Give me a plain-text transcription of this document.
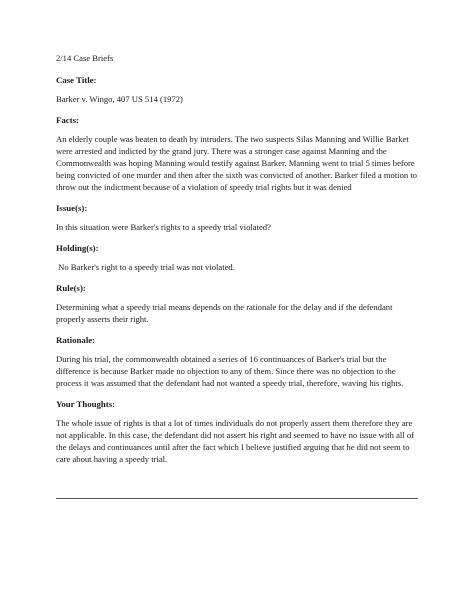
2/14 Case Briefs

Case Title:

Barker v. Wingo, 407 US 514 (1972)

Facts:

An elderly couple was beaten to death by intruders. The two suspects Silas Manning and Willie Barket were arrested and indicted by the grand jury. There was a stronger case against Manning and the Commonwealth was hoping Manning would testify against Barker. Manning went to trial 5 times before being convicted of one murder and then after the sixth was convicted of another. Barker filed a motion to throw out the indictment because of a violation of speedy trial rights but it was denied

Issue(s):

In this situation were Barker's rights to a speedy trial violated?

Holding(s):

No Barker's right to a speedy trial was not violated.

Rule(s):

Determining what a speedy trial means depends on the rationale for the delay and if the defendant properly asserts their right.

Rationale:

During his trial, the commonwealth obtained a series of 16 continuances of Barker's trial but the difference is because Barker made no objection to any of them. Since there was no objection to the process it was assumed that the defendant had not wanted a speedy trial, therefore, waving his rights.

Your Thoughts:

The whole issue of rights is that a lot of times individuals do not properly assert them therefore they are not applicable. In this case, the defendant did not assert his right and seemed to have no issue with all of the delays and continuances until after the fact which I believe justified arguing that he did not seem to care about having a speedy trial.
